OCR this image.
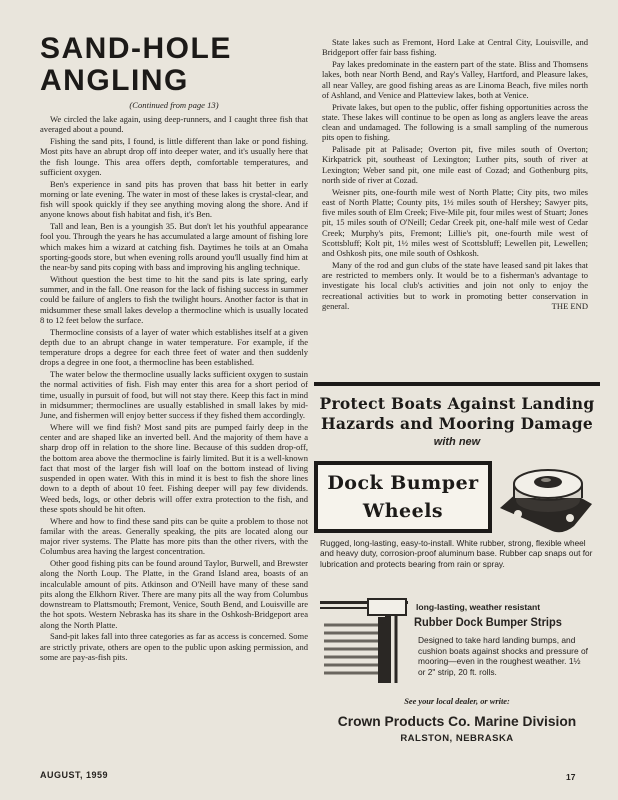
SAND-HOLE ANGLING
(Continued from page 13)

We circled the lake again, using deep-runners, and I caught three fish that averaged about a pound.

Fishing the sand pits, I found, is little different than lake or pond fishing. Most pits have an abrupt drop off into deeper water, and it's usually here that the fish lounge. This area offers depth, comfortable temperatures, and sufficient oxygen.

Ben's experience in sand pits has proven that bass hit better in early morning or late evening. The water in most of these lakes is crystal-clear, and fish will spook quickly if they see anything moving along the shore. And if anyone knows about fish habitat and fish, it's Ben.

Tall and lean, Ben is a youngish 35. But don't let his youthful appearance fool you. Through the years he has accumulated a large amount of fishing lore which makes him a wizard at catching fish. Daytimes he toils at an Omaha sporting-goods store, but when evening rolls around you'll usually find him at the near-by sand pits coping with bass and improving his angling technique.

Without question the best time to hit the sand pits is late spring, early summer, and in the fall. One reason for the lack of fishing success in summer could be failure of anglers to fish the twilight hours. Another factor is that in midsummer these small lakes develop a thermocline which is usually located 8 to 12 feet below the surface.

Thermocline consists of a layer of water which establishes itself at a given depth due to an abrupt change in water temperature. For example, if the temperature drops a degree for each three feet of water and then suddenly drops a degree in one foot, a thermocline has been established.

The water below the thermocline usually lacks sufficient oxygen to sustain the normal activities of fish. Fish may enter this area for a short period of time, usually in pursuit of food, but will not stay there. Keep this fact in mind in midsummer; thermoclines are usually established in small lakes by mid-June, and fishermen will enjoy better success if they fished them accordingly.

Where will we find fish? Most sand pits are pumped fairly deep in the center and are shaped like an inverted bell. And the majority of them have a sharp drop off in relation to the shore line. Because of this sudden drop-off, the bottom area above the thermocline is fairly limited. But it is a well-known fact that most of the larger fish will loaf on the bottom instead of living suspended in open water. With this in mind it is best to fish the shore lines down to a depth of about 10 feet. Fishing deeper will pay few dividends. Weed beds, logs, or other debris will offer extra protection to the fish, and these spots should be hit often.

Where and how to find these sand pits can be quite a problem to those not familar with the areas. Generally speaking, the pits are located along our major river systems. The Platte has more pits than the other rivers, with the Columbus area having the largest concentration.

Other good fishing pits can be found around Taylor, Burwell, and Brewster along the North Loup. The Platte, in the Grand Island area, boasts of an incalculable amount of pits. Atkinson and O'Neill have many of these sand pits along the Elkhorn River. There are many pits all the way from Columbus downstream to Plattsmouth; Fremont, Venice, South Bend, and Louisville are the hot spots. Western Nebraska has its share in the Oshkosh-Bridgeport area along the North Platte.

Sand-pit lakes fall into three categories as far as access is concerned. Some are strictly private, others are open to the public upon asking permission, and some are pay-as-fish pits.

State lakes such as Fremont, Hord Lake at Central City, Louisville, and Bridgeport offer fair bass fishing.

Pay lakes predominate in the eastern part of the state. Bliss and Thomsens lakes, both near North Bend, and Ray's Valley, Hartford, and Pleasure lakes, all near Valley, are good fishing areas as are Linoma Beach, five miles north of Ashland, and Venice and Platteview lakes, both at Venice.

Private lakes, but open to the public, offer fishing opportunities across the state. These lakes will continue to be open as long as anglers leave the areas clean and undamaged. The following is a small sampling of the numerous pits open to fishing.

Palisade pit at Palisade; Overton pit, five miles south of Overton; Kirkpatrick pit, southeast of Lexington; Luther pits, south of river at Lexington; Weber sand pit, one mile east of Cozad; and Gothenburg pits, north side of river at Cozad.

Weisner pits, one-fourth mile west of North Platte; City pits, two miles east of North Platte; County pits, 1½ miles south of Hershey; Sawyer pits, five miles south of Elm Creek; Five-Mile pit, four miles west of Stuart; Jones pit, 15 miles south of O'Neill; Cedar Creek pit, one-half mile west of Cedar Creek; Murphy's pits, Fremont; Lillie's pit, one-fourth mile west of Scottsbluff; Kolt pit, 1½ miles west of Scottsbluff; Lewellen pit, Lewellen; and Oshkosh pits, one mile south of Oshkosh.

Many of the rod and gun clubs of the state have leased sand pit lakes that are restricted to members only. It would be to a fisherman's advantage to investigate his local club's activities and join not only to enjoy the recreational activities but to work in promoting better conservation in general.	THE END

Protect Boats Against Landing
Hazards and Mooring Damage
with new
Dock Bumper
Wheels
Rugged, long-lasting, easy-to-install. White rubber, strong, flexible wheel and heavy duty, corrosion-proof aluminum base. Rubber cap snaps out for lubrication and protects bearing from rain or spray.
long-lasting, weather resistant
Rubber Dock Bumper Strips
Designed to take hard landing bumps, and cushion boats against shocks and pressure of mooring—even in the roughest weather. 1½ or 2" strip, 20 ft. rolls.
See your local dealer, or write:
Crown Products Co. Marine Division
RALSTON, NEBRASKA
AUGUST, 1959	17
